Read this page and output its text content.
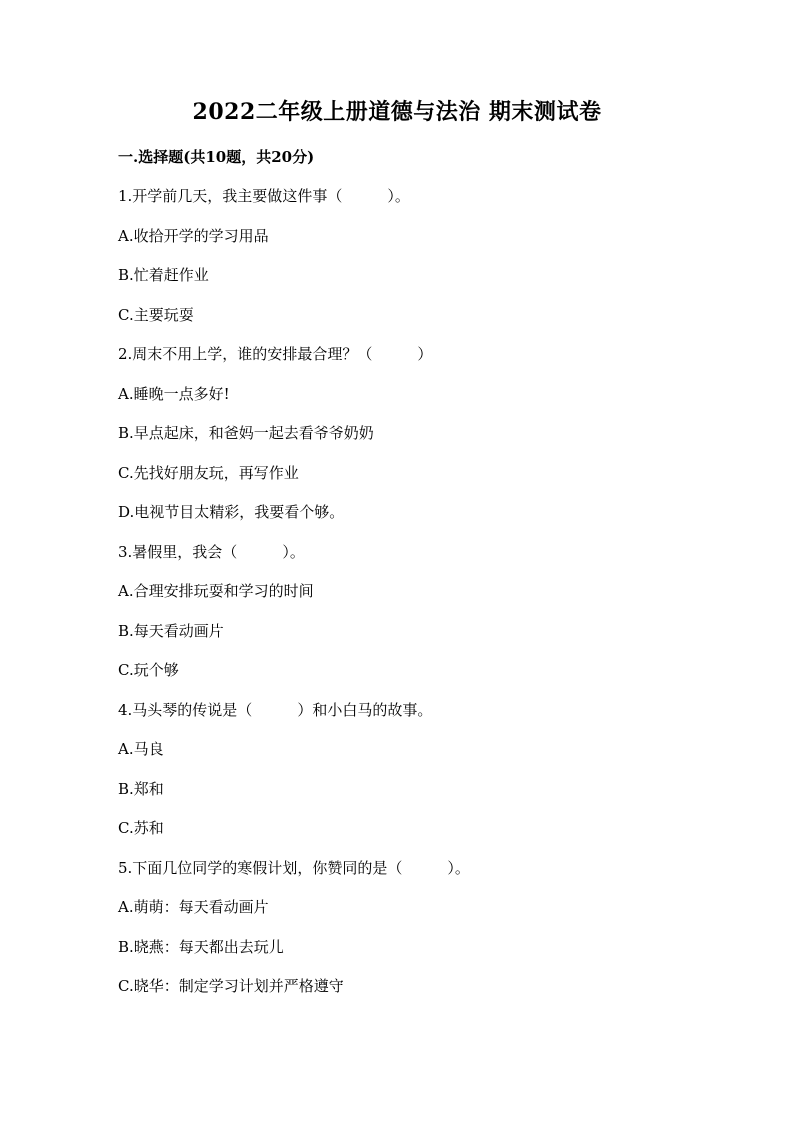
2022二年级上册道德与法治 期末测试卷
一.选择题(共10题，共20分)
1.开学前几天，我主要做这件事（　　　）。
A.收拾开学的学习用品
B.忙着赶作业
C.主要玩耍
2.周末不用上学，谁的安排最合理？（　　　）
A.睡晚一点多好!
B.早点起床，和爸妈一起去看爷爷奶奶
C.先找好朋友玩，再写作业
D.电视节目太精彩，我要看个够。
3.暑假里，我会（　　　）。
A.合理安排玩耍和学习的时间
B.每天看动画片
C.玩个够
4.马头琴的传说是（　　　）和小白马的故事。
A.马良
B.郑和
C.苏和
5.下面几位同学的寒假计划，你赞同的是（　　　）。
A.萌萌：每天看动画片
B.晓燕：每天都出去玩儿
C.晓华：制定学习计划并严格遵守
